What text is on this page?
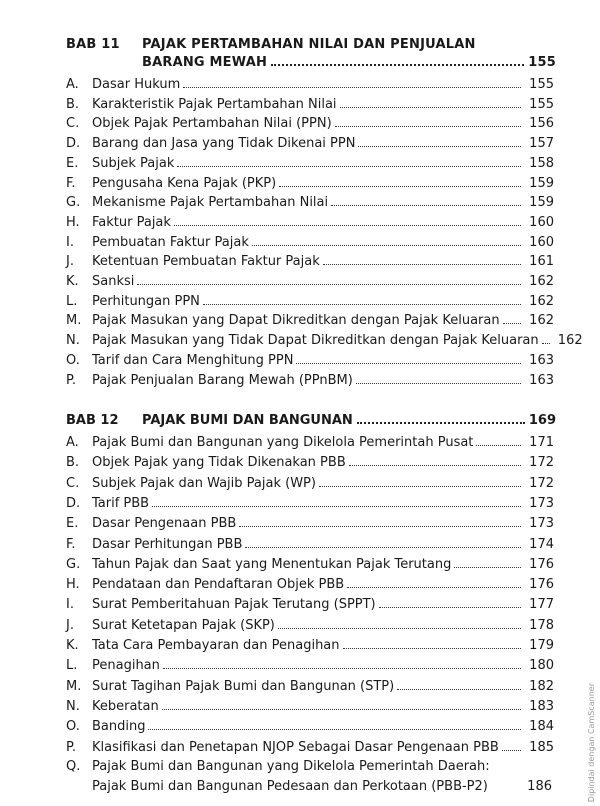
BAB 11 PAJAK PERTAMBAHAN NILAI DAN PENJUALAN
BARANG MEWAH	155
A.	Dasar Hukum	155
B. Karakteristik Pajak Pertambahan Nilai	155
C. Objek Pajak Pertambahan Nilai (PPN)	156
D. Barang dan Jasa yang Tidak Dikenai PPN	157
E.	Subjek Pajak	158
F.	Pengusaha Kena Pajak (PKP)	159
G. Mekanisme Pajak Pertambahan Nilai	159
H. Faktur Pajak	160
I.	Pembuatan Faktur Pajak	160
J.	Ketentuan Pembuatan Faktur Pajak	161
K.	Sanksi	162
L.	Perhitungan PPN	162
M. Pajak Masukan yang Dapat Dikreditkan dengan Pajak Keluaran	162
N. Pajak Masukan yang Tidak Dapat Dikreditkan dengan Pajak Keluaran	162
O. Tarif dan Cara Menghitung PPN	163
P.	Pajak Penjualan Barang Mewah (PPnBM)	163
BAB 12	PAJAK BUMI DAN BANGUNAN	169
A.	Pajak Bumi dan Bangunan yang Dikelola Pemerintah Pusat	171
B. Objek Pajak yang Tidak Dikenakan PBB	172
C. Subjek Pajak dan Wajib Pajak (WP)	172
D. Tarif PBB	173
E.	Dasar Pengenaan PBB	173
F.	Dasar Perhitungan PBB	174
G. Tahun Pajak dan Saat yang Menentukan Pajak Terutang	176
H. Pendataan dan Pendaftaran Objek PBB	176
I.	Surat Pemberitahuan Pajak Terutang (SPPT)	177
J.	Surat Ketetapan Pajak (SKP)	178
K.	Tata Cara Pembayaran dan Penagihan	179
L.	Penagihan	180
M. Surat Tagihan Pajak Bumi dan Bangunan (STP)	182
N. Keberatan	183
O. Banding	184
P.	Klasifikasi dan Penetapan NJOP Sebagai Dasar Pengenaan PBB	185
Q. Pajak Bumi dan Bangunan yang Dikelola Pemerintah Daerah:
Pajak Bumi dan Bangunan Pedesaan dan Perkotaan (PBB-P2)	186	Dipindai dengan CamScanner
